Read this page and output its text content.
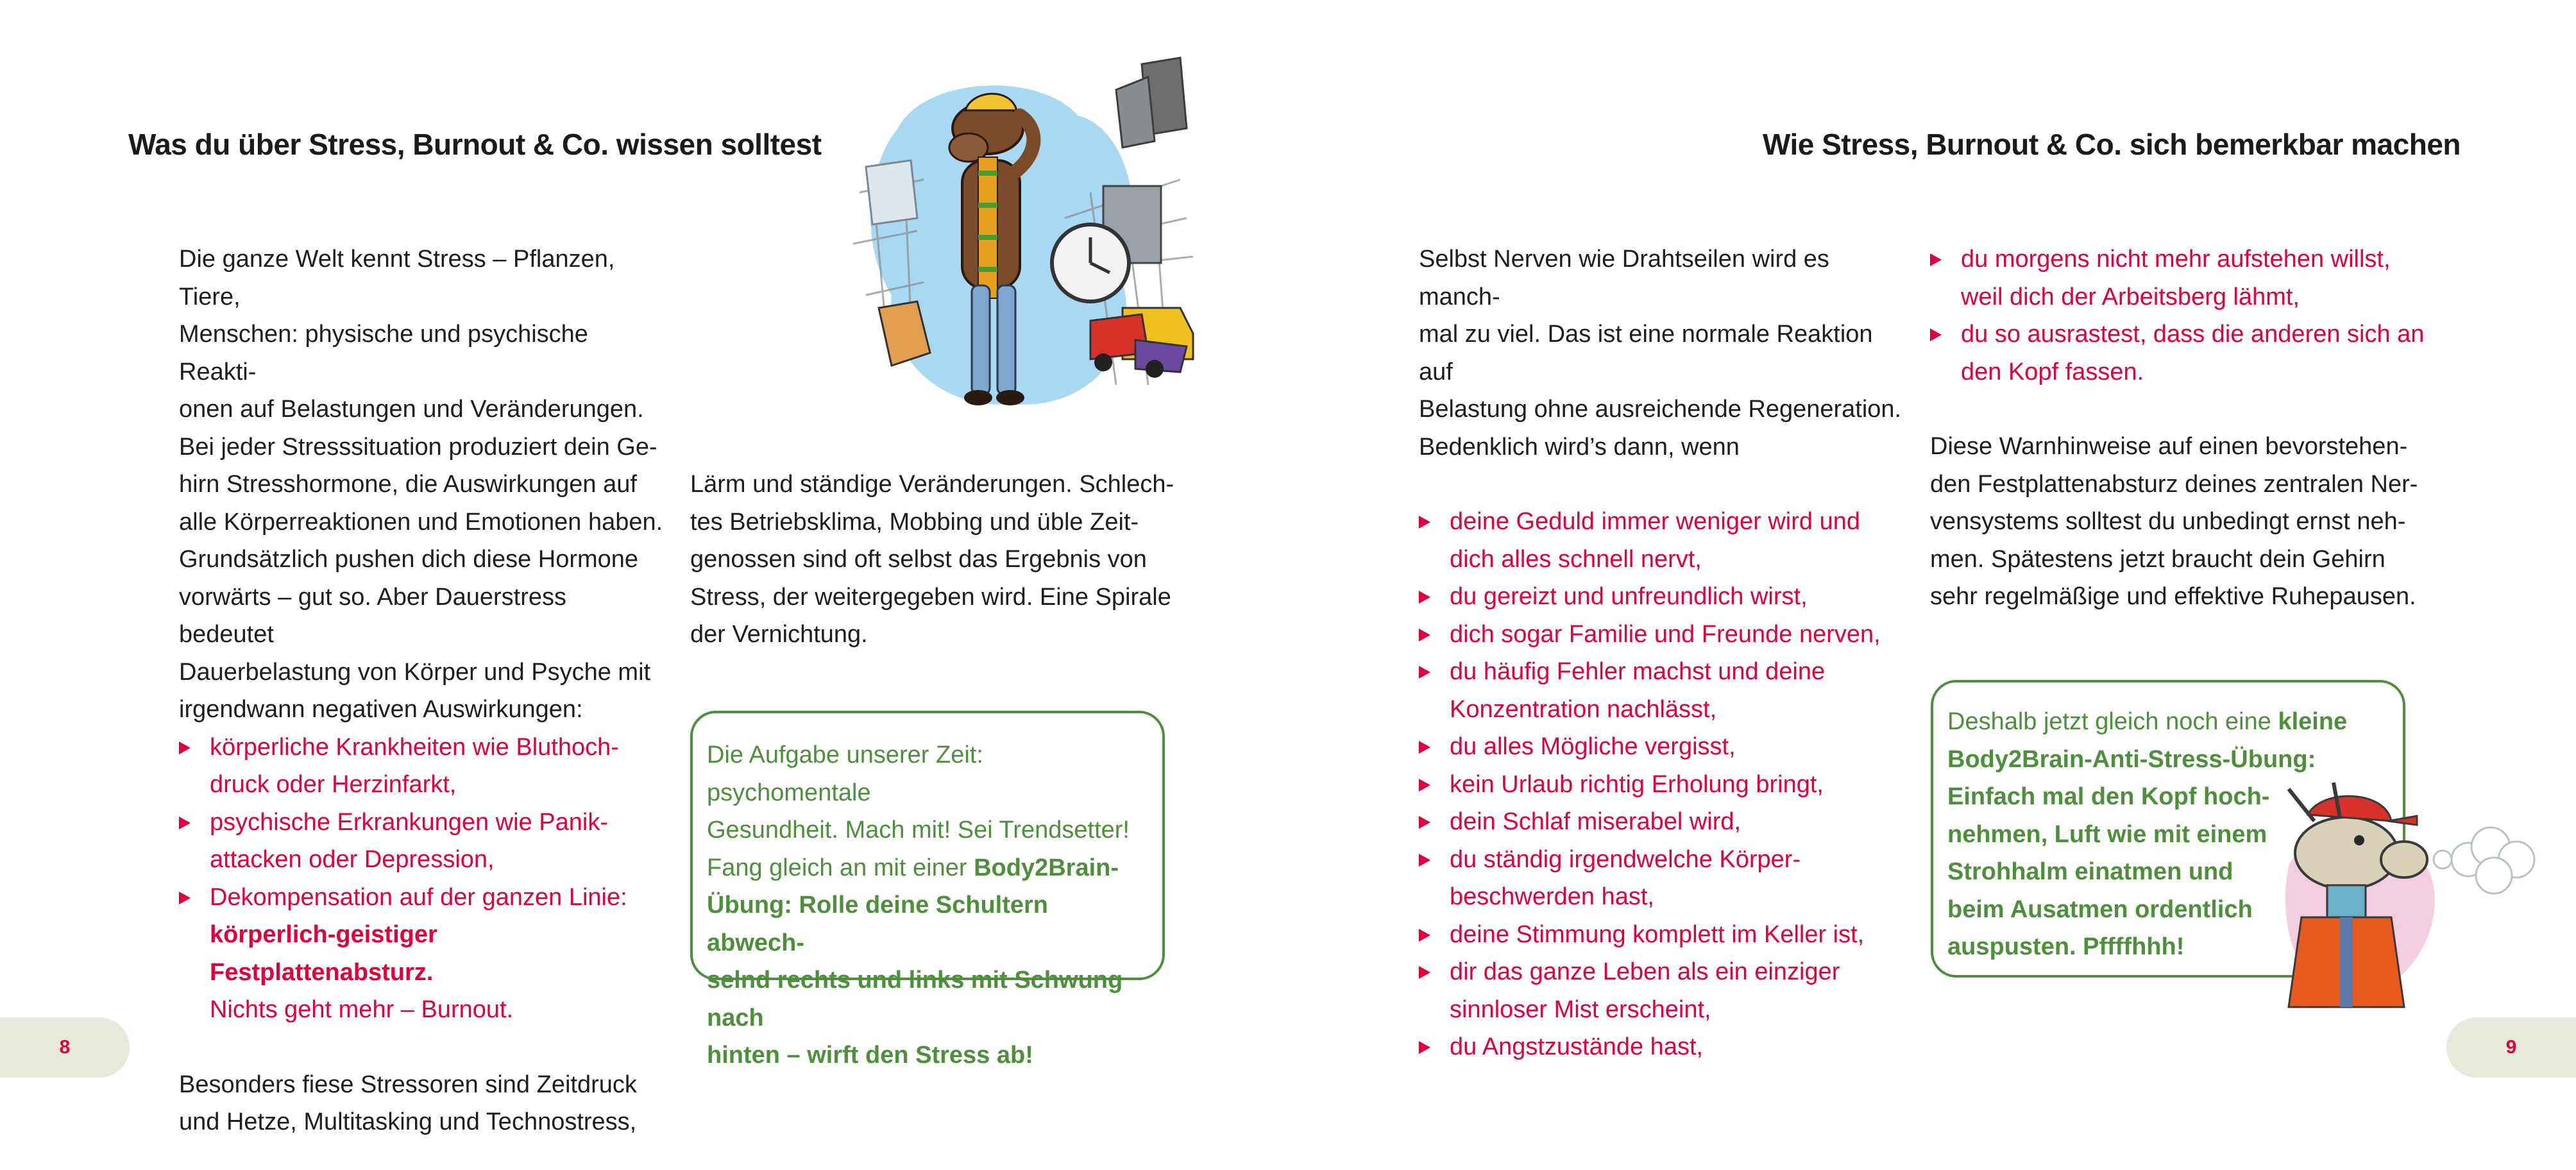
Was du über Stress, Burnout & Co. wissen solltest

Die ganze Welt kennt Stress – Pflanzen, Tiere,
Menschen: physische und psychische Reakti-
onen auf Belastungen und Veränderungen.
Bei jeder Stresssituation produziert dein Ge-
hirn Stresshormone, die Auswirkungen auf
alle Körperreaktionen und Emotionen haben.
Grundsätzlich pushen dich diese Hormone
vorwärts – gut so. Aber Dauerstress bedeutet
Dauerbelastung von Körper und Psyche mit
irgendwann negativen Auswirkungen:

körperliche Krankheiten wie Bluthoch-
druck oder Herzinfarkt,
psychische Erkrankungen wie Panik-
attacken oder Depression,
Dekompensation auf der ganzen Linie:
körperlich-geistiger Festplattenabsturz.
Nichts geht mehr – Burnout.

Besonders fiese Stressoren sind Zeitdruck
und Hetze, Multitasking und Technostress,

Lärm und ständige Veränderungen. Schlech-
tes Betriebsklima, Mobbing und üble Zeit-
genossen sind oft selbst das Ergebnis von
Stress, der weitergegeben wird. Eine Spirale
der Vernichtung.

Die Aufgabe unserer Zeit: psychomentale
Gesundheit. Mach mit! Sei Trendsetter!
Fang gleich an mit einer Body2Brain-
Übung: Rolle deine Schultern abwech-
selnd rechts und links mit Schwung nach
hinten – wirft den Stress ab!
8
Wie Stress, Burnout & Co. sich bemerkbar machen

Selbst Nerven wie Drahtseilen wird es manch-
mal zu viel. Das ist eine normale Reaktion auf
Belastung ohne ausreichende Regeneration.
Bedenklich wird’s dann, wenn

deine Geduld immer weniger wird und
dich alles schnell nervt,
du gereizt und unfreundlich wirst,
dich sogar Familie und Freunde nerven,
du häufig Fehler machst und deine
Konzentration nachlässt,
du alles Mögliche vergisst,
kein Urlaub richtig Erholung bringt,
dein Schlaf miserabel wird,
du ständig irgendwelche Körper-
beschwerden hast,
deine Stimmung komplett im Keller ist,
dir das ganze Leben als ein einziger
sinnloser Mist erscheint,
du Angstzustände hast,
du morgens nicht mehr aufstehen willst,
weil dich der Arbeitsberg lähmt,
du so ausrastest, dass die anderen sich an
den Kopf fassen.

Diese Warnhinweise auf einen bevorstehen-
den Festplattenabsturz deines zentralen Ner-
vensystems solltest du unbedingt ernst neh-
men. Spätestens jetzt braucht dein Gehirn
sehr regelmäßige und effektive Ruhepausen.

Deshalb jetzt gleich noch eine kleine
Body2Brain-Anti-Stress-Übung:
Einfach mal den Kopf hoch-
nehmen, Luft wie mit einem
Strohhalm einatmen und
beim Ausatmen ordentlich
auspusten. Pffffhhh!
9
